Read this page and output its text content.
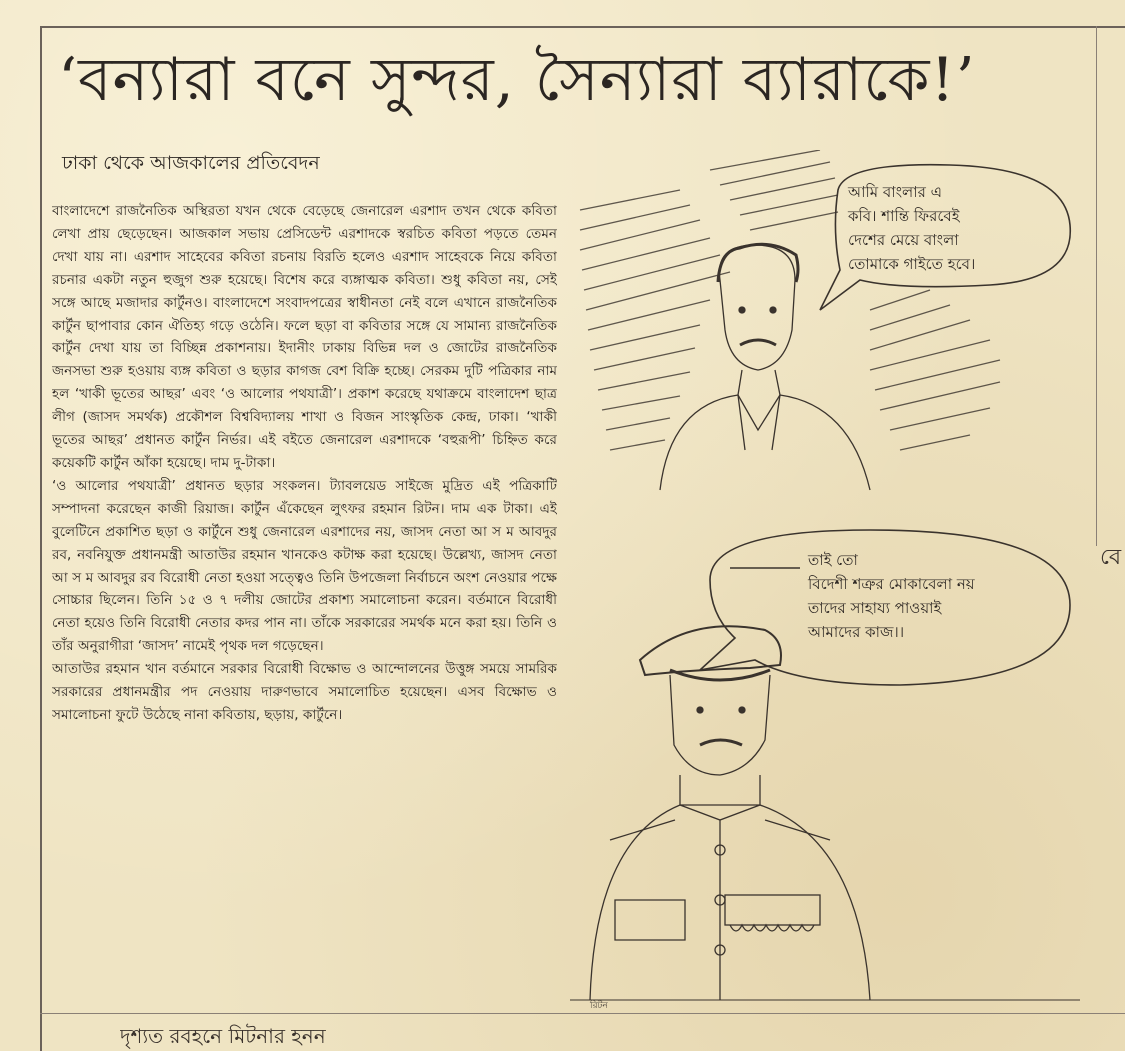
‘বন্যারা বনে সুন্দর, সৈন্যারা ব্যারাকে!’
ঢাকা থেকে আজকালের প্রতিবেদন

বাংলাদেশে রাজনৈতিক অস্থিরতা যখন থেকে বেড়েছে জেনারেল এরশাদ তখন থেকে কবিতা লেখা প্রায় ছেড়েছেন। আজকাল সভায় প্রেসিডেন্ট এরশাদকে স্বরচিত কবিতা পড়তে তেমন দেখা যায় না। এরশাদ সাহেবের কবিতা রচনায় বিরতি হলেও এরশাদ সাহেবকে নিয়ে কবিতা রচনার একটা নতুন হুজুগ শুরু হয়েছে। বিশেষ করে ব্যঙ্গাত্মক কবিতা। শুধু কবিতা নয়, সেই সঙ্গে আছে মজাদার কার্টুনও। বাংলাদেশে সংবাদপত্রের স্বাধীনতা নেই বলে এখানে রাজনৈতিক কার্টুন ছাপাবার কোন ঐতিহ্য গড়ে ওঠেনি। ফলে ছড়া বা কবিতার সঙ্গে যে সামান্য রাজনৈতিক কার্টুন দেখা যায় তা বিচ্ছিন্ন প্রকাশনায়। ইদানীং ঢাকায় বিভিন্ন দল ও জোটের রাজনৈতিক জনসভা শুরু হওয়ায় ব্যঙ্গ কবিতা ও ছড়ার কাগজ বেশ বিক্রি হচ্ছে। সেরকম দুটি পত্রিকার নাম হল ‘খাকী ভূতের আছর’ এবং ‘ও আলোর পথযাত্রী’। প্রকাশ করেছে যথাক্রমে বাংলাদেশ ছাত্র লীগ (জাসদ সমর্থক) প্রকৌশল বিশ্ববিদ্যালয় শাখা ও বিজন সাংস্কৃতিক কেন্দ্র, ঢাকা। ‘খাকী ভূতের আছর’ প্রধানত কার্টুন নির্ভর। এই বইতে জেনারেল এরশাদকে ‘বহুরূপী’ চিহ্নিত করে কয়েকটি কার্টুন আঁকা হয়েছে। দাম দু-টাকা।

‘ও আলোর পথযাত্রী’ প্রধানত ছড়ার সংকলন। ট্যাবলয়েড সাইজে মুদ্রিত এই পত্রিকাটি সম্পাদনা করেছেন কাজী রিয়াজ। কার্টুন এঁকেছেন লুৎফর রহমান রিটন। দাম এক টাকা। এই বুলেটিনে প্রকাশিত ছড়া ও কার্টুনে শুধু জেনারেল এরশাদের নয়, জাসদ নেতা আ স ম আবদুর রব, নবনিযুক্ত প্রধানমন্ত্রী আতাউর রহমান খানকেও কটাক্ষ করা হয়েছে। উল্লেখ্য, জাসদ নেতা আ স ম আবদুর রব বিরোধী নেতা হওয়া সত্ত্বেও তিনি উপজেলা নির্বাচনে অংশ নেওয়ার পক্ষে সোচ্চার ছিলেন। তিনি ১৫ ও ৭ দলীয় জোটের প্রকাশ্য সমালোচনা করেন। বর্তমানে বিরোধী নেতা হয়েও তিনি বিরোধী নেতার কদর পান না। তাঁকে সরকারের সমর্থক মনে করা হয়। তিনি ও তাঁর অনুরাগীরা ‘জাসদ’ নামেই পৃথক দল গড়েছেন।

আতাউর রহমান খান বর্তমানে সরকার বিরোধী বিক্ষোভ ও আন্দোলনের উত্তুঙ্গ সময়ে সামরিক সরকারের প্রধানমন্ত্রীর পদ নেওয়ায় দারুণভাবে সমালোচিত হয়েছেন। এসব বিক্ষোভ ও সমালোচনা ফুটে উঠেছে নানা কবিতায়, ছড়ায়, কার্টুনে।

দৃশ্যত রবহনে মিটনার হনন
বে
আমি বাংলার এ
কবি। শান্তি ফিরবেই
দেশের মেয়ে বাংলা
তোমাকে গাইতে হবে।
তাই তো
বিদেশী শত্রুর মোকাবেলা নয়
তাদের সাহায্য পাওয়াই
আমাদের কাজ।।
রিটন
